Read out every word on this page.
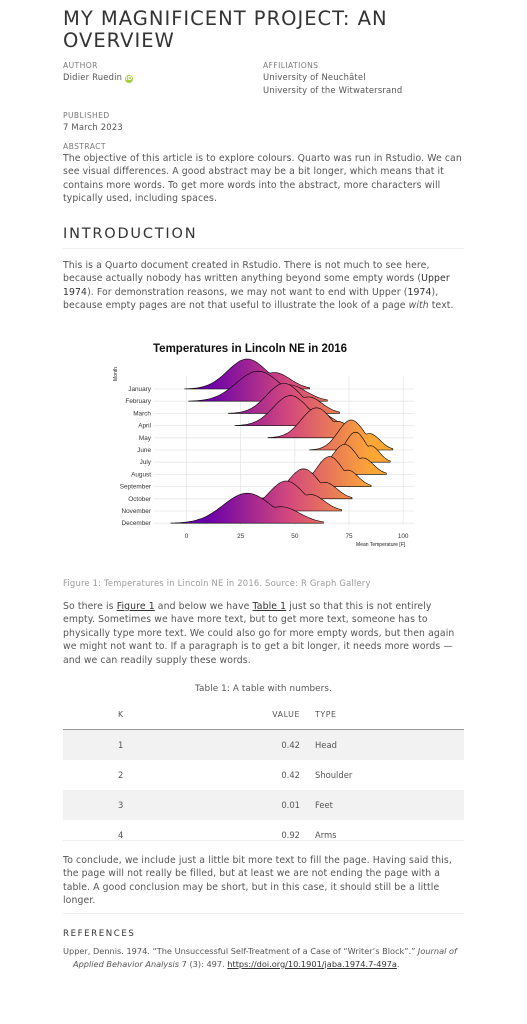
MY MAGNIFICENT PROJECT: AN OVERVIEW
AUTHOR
Didier Ruedin iD
AFFILIATIONS
University of Neuchâtel
University of the Witwatersrand
PUBLISHED
7 March 2023
ABSTRACT

The objective of this article is to explore colours. Quarto was run in Rstudio. We can see visual differences. A good abstract may be a bit longer, which means that it contains more words. To get more words into the abstract, more characters will typically used, including spaces.

INTRODUCTION

This is a Quarto document created in Rstudio. There is not much to see here, because actually nobody has written anything beyond some empty words (Upper 1974). For demonstration reasons, we may not want to end with Upper (1974), because empty pages are not that useful to illustrate the look of a page with text.

Temperatures in Lincoln NE in 2016
Month
January
February
March
April
May
June
July
August
September
October
November
December
0	25	50	75	100
Mean Temperature [F]
Figure 1: Temperatures in Lincoln NE in 2016. Source: R Graph Gallery

So there is Figure 1 and below we have Table 1 just so that this is not entirely empty. Sometimes we have more text, but to get more text, someone has to physically type more text. We could also go for more empty words, but then again we might not want to. If a paragraph is to get a bit longer, it needs more words — and we can readily supply these words.

Table 1: A table with numbers.
K	VALUE	TYPE
1	0.42	Head
2	0.42	Shoulder
3	0.01	Feet
4	0.92	Arms

To conclude, we include just a little bit more text to fill the page. Having said this, the page will not really be filled, but at least we are not ending the page with a table. A good conclusion may be short, but in this case, it should still be a little longer.

REFERENCES
Upper, Dennis. 1974. “The Unsuccessful Self-Treatment of a Case of “Writer’s Block”.” Journal of Applied Behavior Analysis 7 (3): 497. https://doi.org/10.1901/jaba.1974.7-497a.
